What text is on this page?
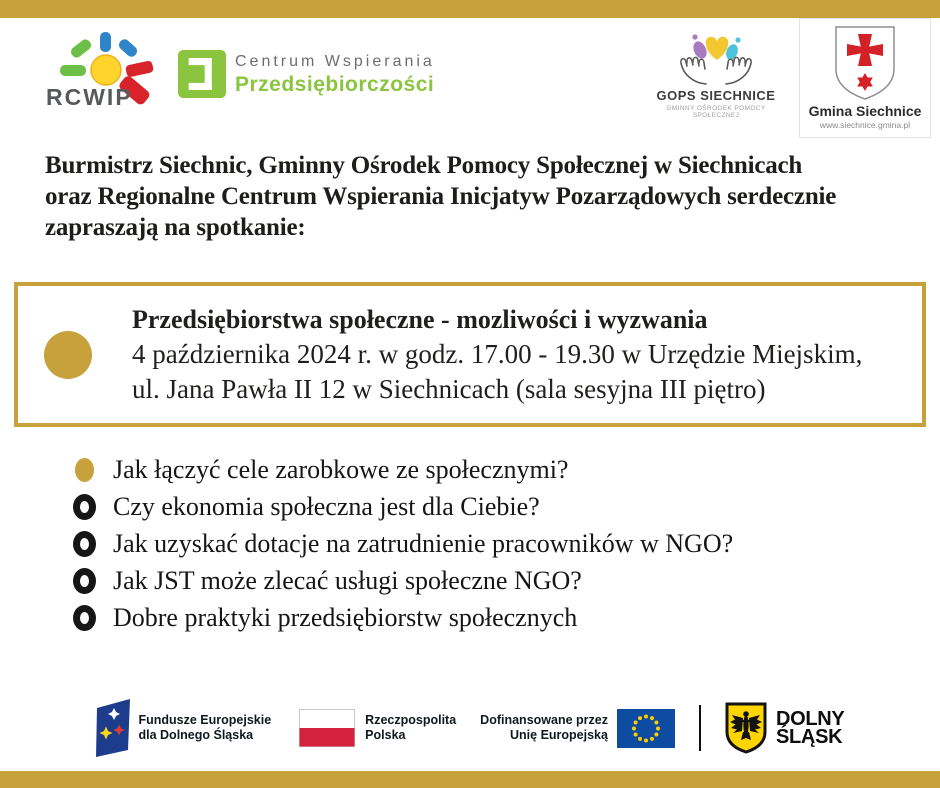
RCWIP
Centrum Wspierania
Przedsiębiorczości	GOPS SIECHNICE
GMINNY OŚRODEK POMOCY SPOŁECZNEJ	Gmina Siechnice
www.siechnice.gmina.pl
Burmistrz Siechnic, Gminny Ośrodek Pomocy Społecznej w Siechnicach
oraz Regionalne Centrum Wspierania Inicjatyw Pozarządowych serdecznie
zapraszają na spotkanie:
Przedsiębiorstwa społeczne - mozliwości i wyzwania
4 października 2024 r. w godz. 17.00 - 19.30 w Urzędzie Miejskim,
ul. Jana Pawła II 12 w Siechnicach (sala sesyjna III piętro)
Jak łączyć cele zarobkowe ze społecznymi?
Czy ekonomia społeczna jest dla Ciebie?
Jak uzyskać dotacje na zatrudnienie pracowników w NGO?
Jak JST może zlecać usługi społeczne NGO?
Dobre praktyki przedsiębiorstw społecznych
Fundusze Europejskie
dla Dolnego Śląska
Rzeczpospolita
Polska
Dofinansowane przez
Unię Europejską
DOLNY
ŚLĄSK
